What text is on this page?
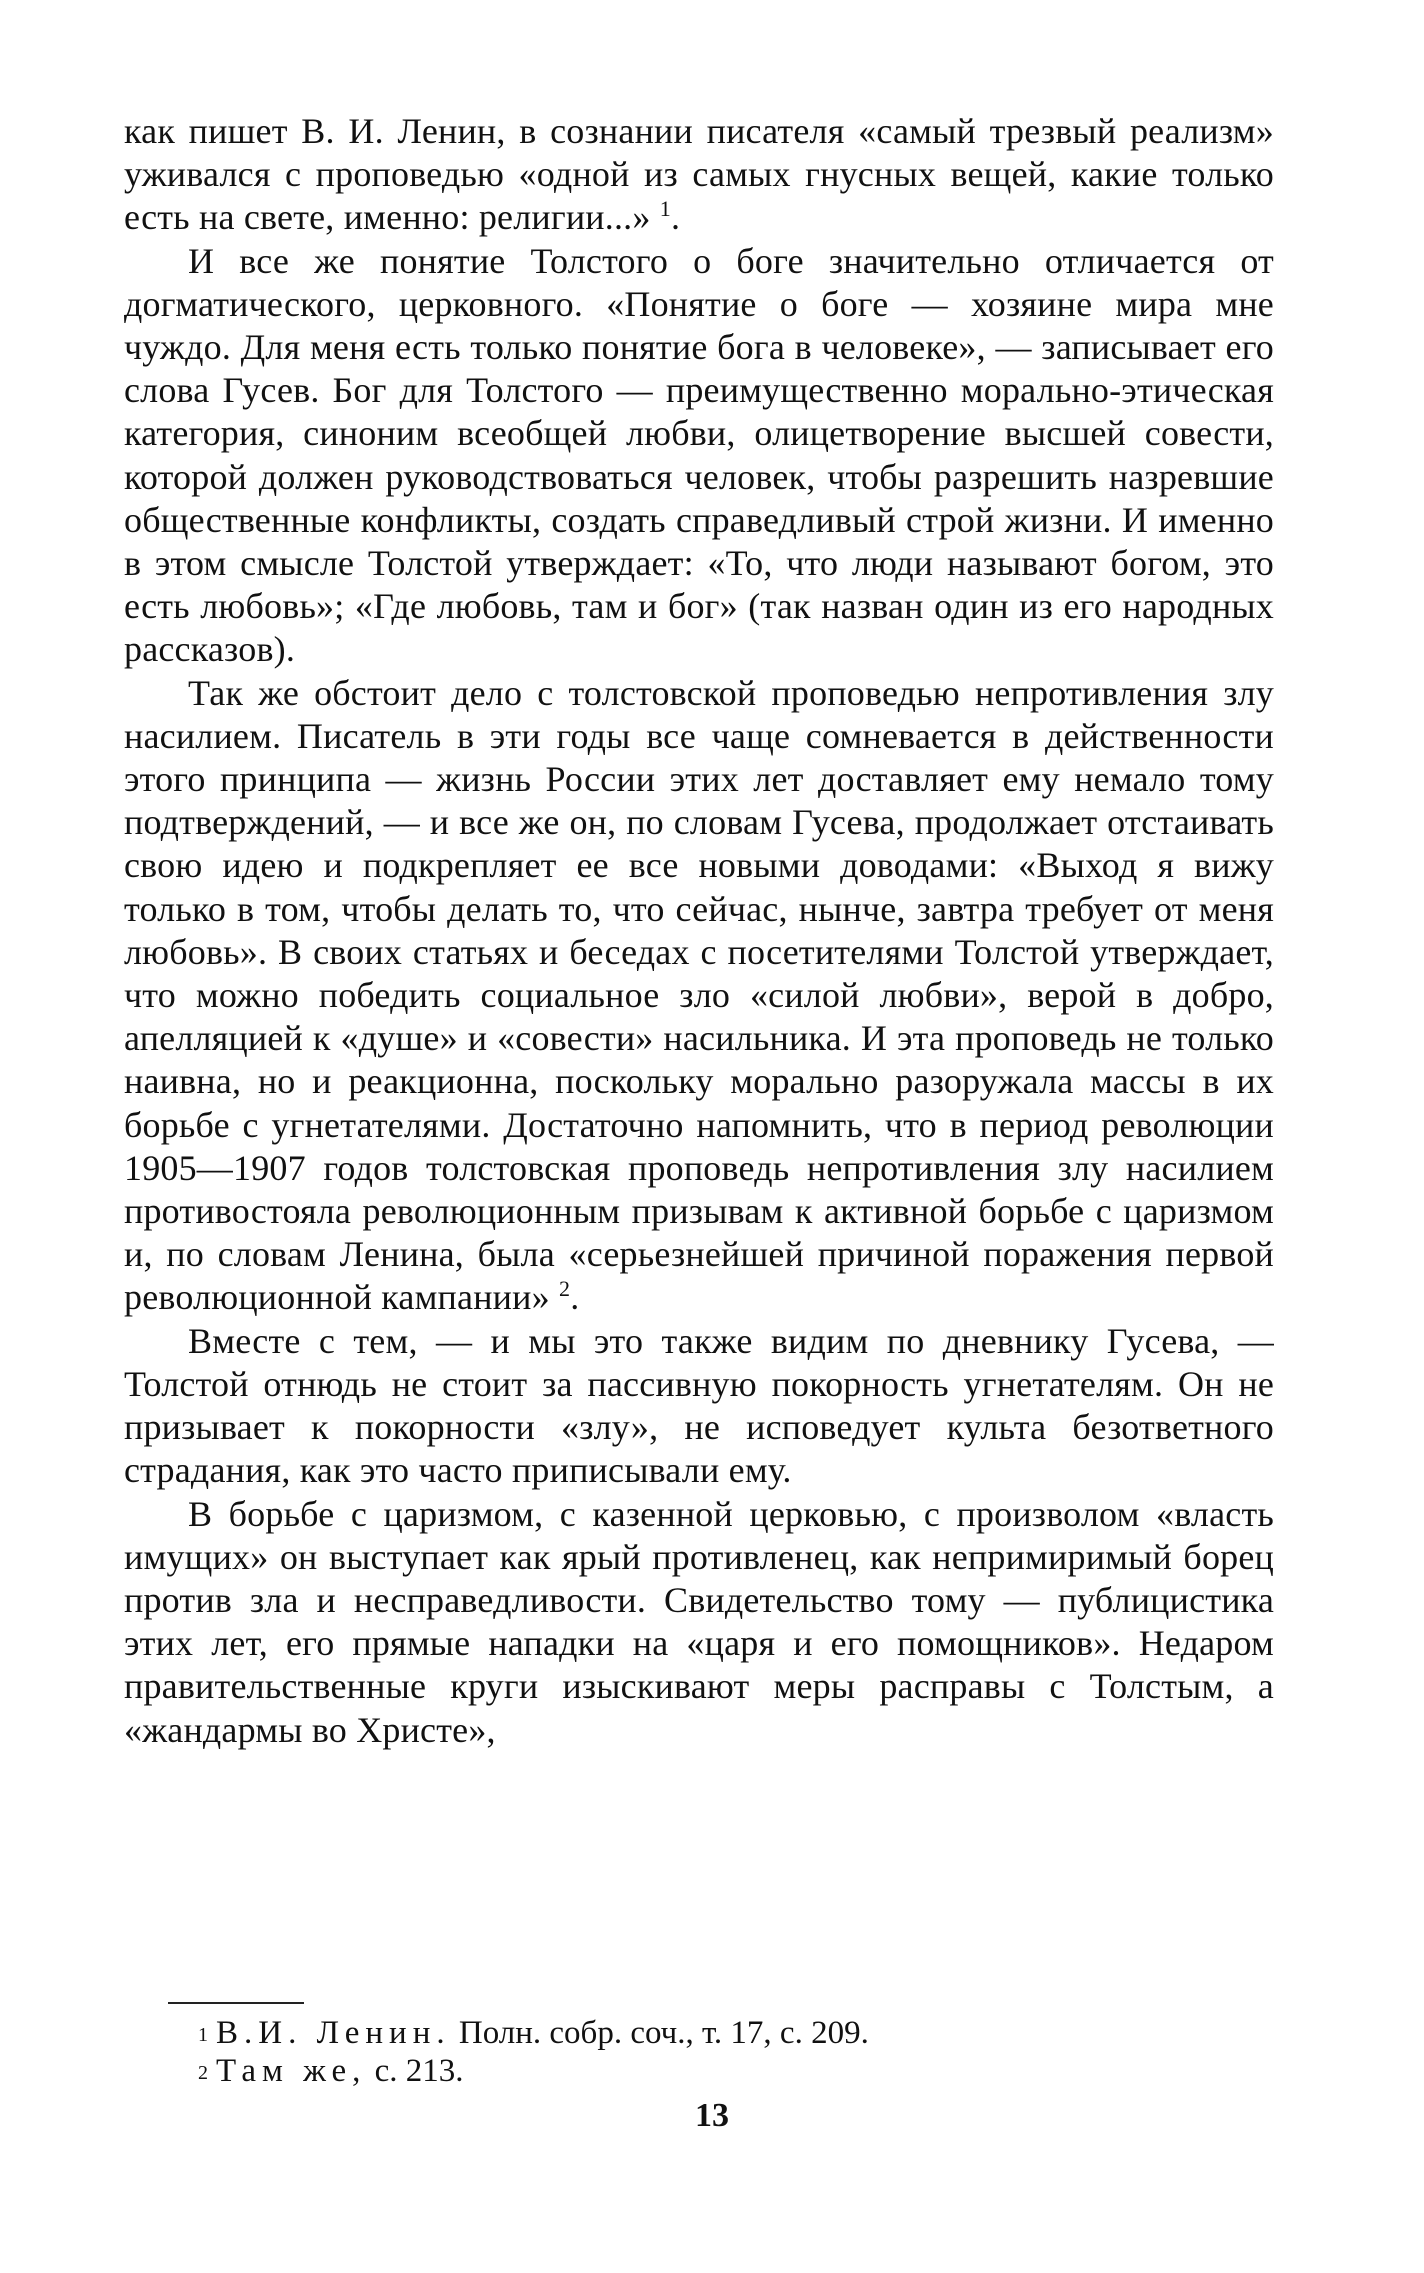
как пишет В. И. Ленин, в сознании писателя «самый трезвый реализм» уживался с проповедью «одной из самых гнусных вещей, какие только есть на свете, именно: религии...» $^1$.

И все же понятие Толстого о боге значительно отличается от догматического, церковного. «Понятие о боге — хозяине мира мне чуждо. Для меня есть только понятие бога в человеке», — записывает его слова Гусев. Бог для Толстого — преимущественно морально-этическая категория, синоним всеобщей любви, олицетворение высшей совести, которой должен руководствоваться человек, чтобы разрешить назревшие общественные конфликты, создать справедливый строй жизни. И именно в этом смысле Толстой утверждает: «То, что люди называют богом, это есть любовь»; «Где любовь, там и бог» (так назван один из его народных рассказов).

Так же обстоит дело с толстовской проповедью непротивления злу насилием. Писатель в эти годы все чаще сомневается в действенности этого принципа — жизнь России этих лет доставляет ему немало тому подтверждений, — и все же он, по словам Гусева, продолжает отстаивать свою идею и подкрепляет ее все новыми доводами: «Выход я вижу только в том, чтобы делать то, что сейчас, нынче, завтра требует от меня любовь». В своих статьях и беседах с посетителями Толстой утверждает, что можно победить социальное зло «силой любви», верой в добро, апелляцией к «душе» и «совести» насильника. И эта проповедь не только наивна, но и реакционна, поскольку морально разоружала массы в их борьбе с угнетателями. Достаточно напомнить, что в период революции 1905—1907 годов толстовская проповедь непротивления злу насилием противостояла революционным призывам к активной борьбе с царизмом и, по словам Ленина, была «серьезнейшей причиной поражения первой революционной кампании» $^2$.

Вместе с тем, — и мы это также видим по дневнику Гусева, — Толстой отнюдь не стоит за пассивную покорность угнетателям. Он не призывает к покорности «злу», не исповедует культа безответного страдания, как это часто приписывали ему.

В борьбе с царизмом, с казенной церковью, с произволом «власть имущих» он выступает как ярый противленец, как непримиримый борец против зла и несправедливости. Свидетельство тому — публицистика этих лет, его прямые нападки на «царя и его помощников». Недаром правительственные круги изыскивают меры расправы с Толстым, а «жандармы во Христе»,

$^1$ В.И. Ленин. Полн. собр. соч., т. 17, с. 209.
$^2$ Там же, с. 213.
13
